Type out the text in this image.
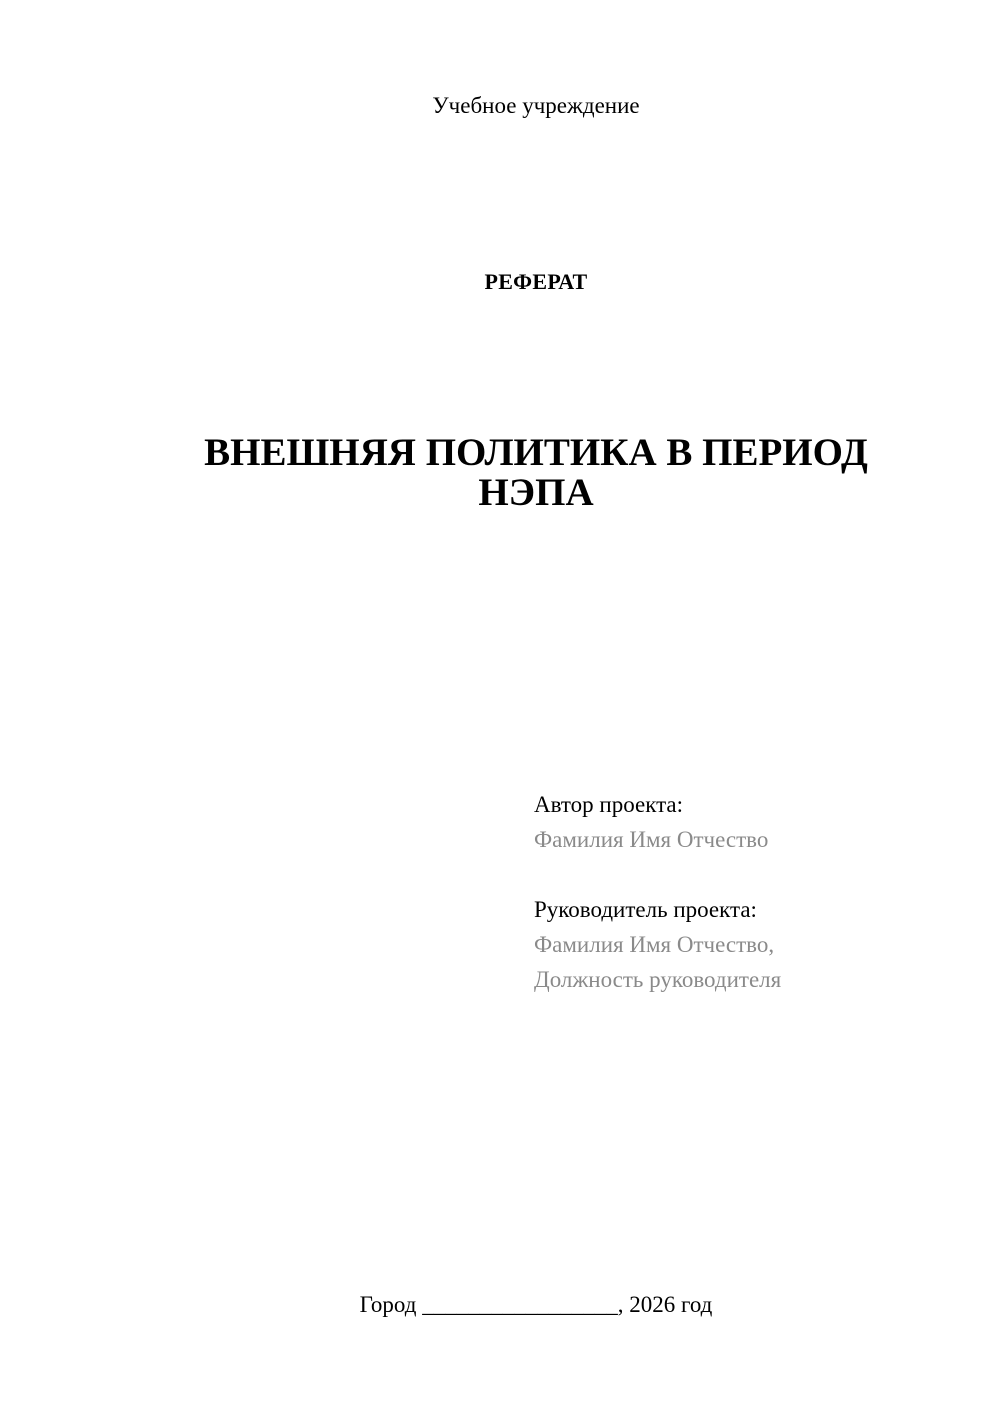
Учебное учреждение
РЕФЕРАТ
ВНЕШНЯЯ ПОЛИТИКА В ПЕРИОД
НЭПА
Автор проекта:
Фамилия Имя Отчество
Руководитель проекта:
Фамилия Имя Отчество,
Должность руководителя
Город _________________, 2026 год
